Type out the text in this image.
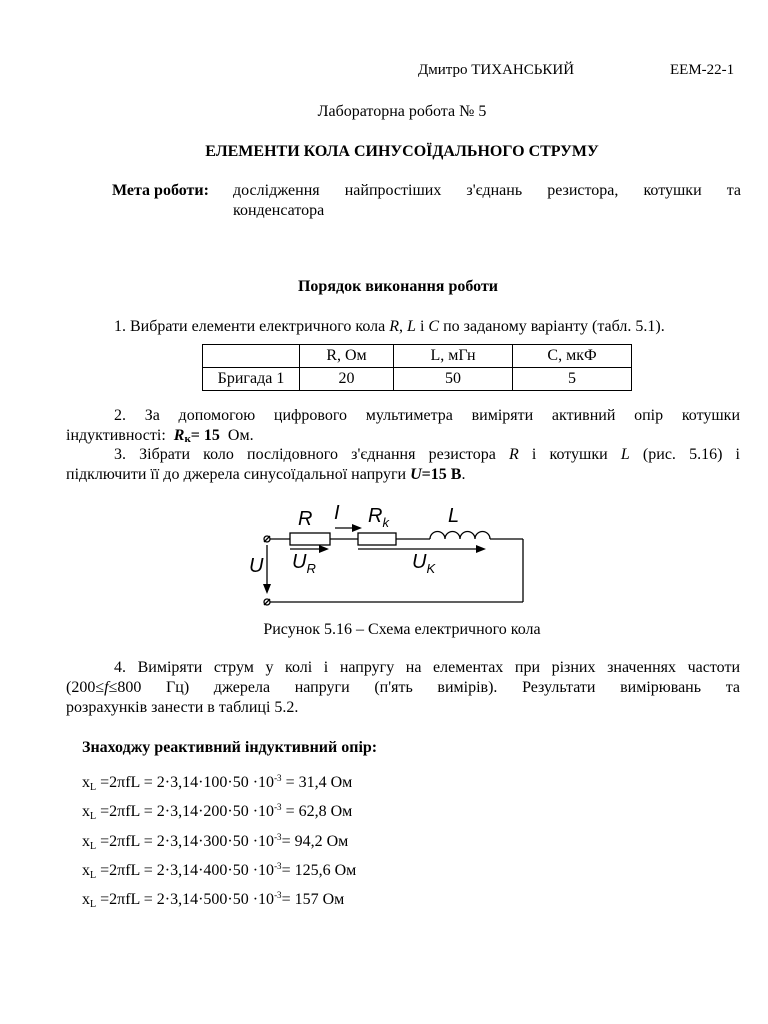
Дмитро ТИХАНСЬКИЙ	ЕЕМ-22-1
Лабораторна робота № 5
ЕЛЕМЕНТИ КОЛА СИНУСОЇДАЛЬНОГО СТРУМУ
Мета роботи: дослідження найпростіших з'єднань резистора, котушки та
конденсатора
Порядок виконання роботи
1. Вибрати елементи електричного кола R, L і C по заданому варіанту (табл. 5.1).
	R, Ом	L, мГн	C, мкФ
Бригада 1	20	50	5
2. За допомогою цифрового мультиметра виміряти активний опір котушки
індуктивності: Rк= 15 Ом.
3. Зібрати коло послідовного з'єднання резистора R і котушки L (рис. 5.16) і
підключити її до джерела синусоїдальної напруги U=15 В.
R I $R_k$	L
U $U_R$	$U_K$
Рисунок 5.16 – Схема електричного кола
4. Виміряти струм у колі і напругу на елементах при різних значеннях частоти
(200≤f≤800 Гц) джерела напруги (п'ять вимірів). Результати вимірювань та
розрахунків занести в таблиці 5.2.
Знаходжу реактивний індуктивний опір:
$x_L =2\pi fL = 2\cdot 3,14\cdot 100\cdot 50 \cdot 10^{-3} = 31,4$ Ом
$x_L =2\pi fL = 2\cdot 3,14\cdot 200\cdot 50 \cdot 10^{-3} = 62,8$ Ом
$x_L =2\pi fL = 2\cdot 3,14\cdot 300\cdot 50 \cdot 10^{-3}= 94,2$ Ом
$x_L =2\pi fL = 2\cdot 3,14\cdot 400\cdot 50 \cdot 10^{-3}= 125,6$ Ом
$x_L =2\pi fL = 2\cdot 3,14\cdot 500\cdot 50 \cdot 10^{-3}= 157$ Ом
